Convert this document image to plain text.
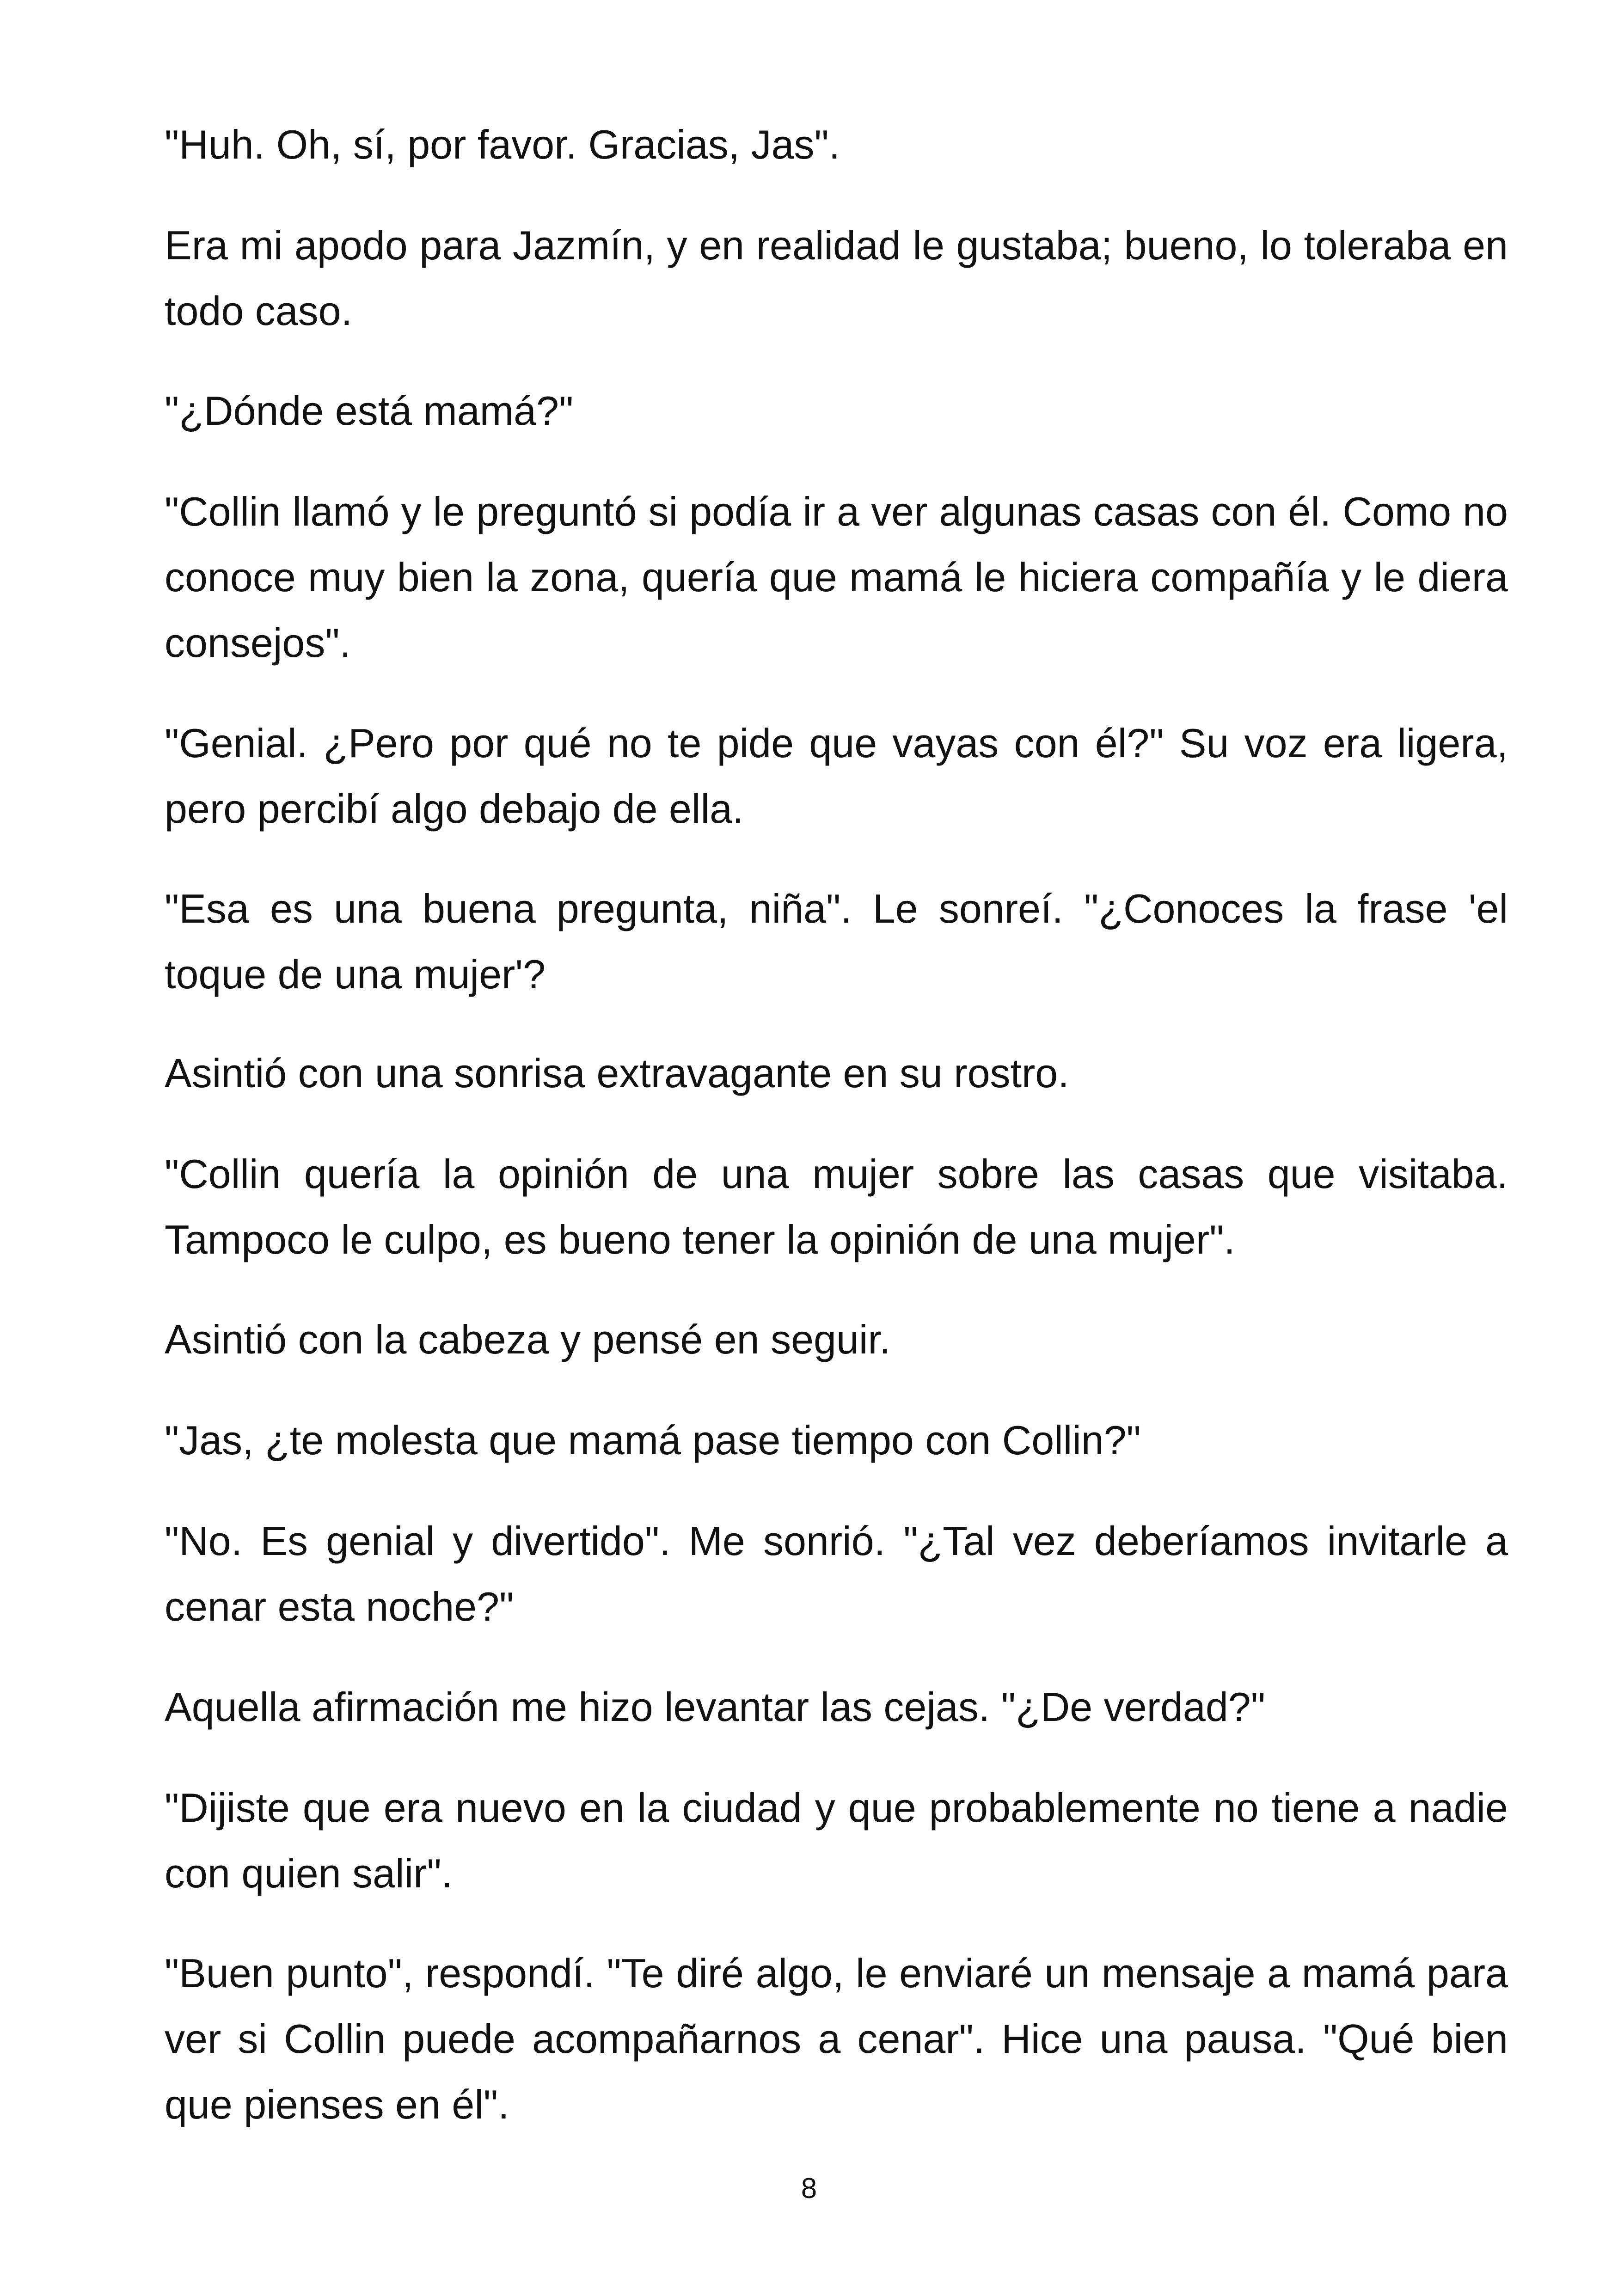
"Huh. Oh, sí, por favor. Gracias, Jas".

Era mi apodo para Jazmín, y en realidad le gustaba; bueno, lo toleraba en todo caso.

"¿Dónde está mamá?"

"Collin llamó y le preguntó si podía ir a ver algunas casas con él. Como no conoce muy bien la zona, quería que mamá le hiciera compañía y le diera consejos".

"Genial. ¿Pero por qué no te pide que vayas con él?" Su voz era ligera, pero percibí algo debajo de ella.

"Esa es una buena pregunta, niña". Le sonreí. "¿Conoces la frase 'el toque de una mujer'?

Asintió con una sonrisa extravagante en su rostro.

"Collin quería la opinión de una mujer sobre las casas que visitaba. Tampoco le culpo, es bueno tener la opinión de una mujer".

Asintió con la cabeza y pensé en seguir.

"Jas, ¿te molesta que mamá pase tiempo con Collin?"

"No. Es genial y divertido". Me sonrió. "¿Tal vez deberíamos invitarle a cenar esta noche?"

Aquella afirmación me hizo levantar las cejas. "¿De verdad?"

"Dijiste que era nuevo en la ciudad y que probablemente no tiene a nadie con quien salir".

"Buen punto", respondí. "Te diré algo, le enviaré un mensaje a mamá para ver si Collin puede acompañarnos a cenar". Hice una pausa. "Qué bien que pienses en él".

8
